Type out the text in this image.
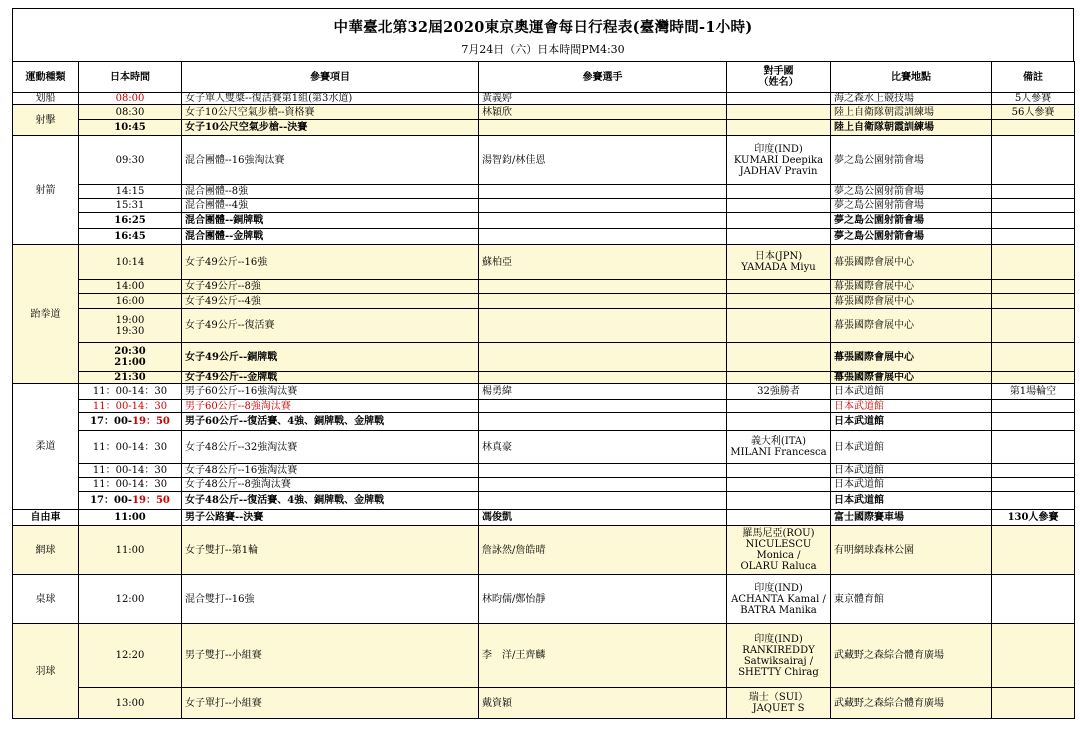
中華臺北第32屆2020東京奧運會每日行程表(臺灣時間-1小時)
7月24日（六）日本時間PM4:30
運動種類	日本時間	參賽項目	參賽選手	對手國
（姓名）	比賽地點	備註
划船	08:00	女子單人雙槳--復活賽第1組(第3水道)	黃義婷		海之森水上競技場	5人參賽
射擊	08:30	女子10公尺空氣步槍--資格賽	林穎欣		陸上自衛隊朝霞訓練場	56人參賽
	10:45	女子10公尺空氣步槍--決賽			陸上自衛隊朝霞訓練場	
射箭	09:30	混合團體--16強淘汰賽	湯智鈞/林佳恩	印度(IND)
KUMARI Deepika
JADHAV Pravin	夢之島公園射箭會場	
	14:15	混合團體--8強			夢之島公園射箭會場	
	15:31	混合團體--4強			夢之島公園射箭會場	
	16:25	混合團體--銅牌戰			夢之島公園射箭會場	
	16:45	混合團體--金牌戰			夢之島公園射箭會場	
跆拳道	10:14	女子49公斤--16強	蘇柏亞	日本(JPN)
YAMADA Miyu	幕張國際會展中心	
	14:00	女子49公斤--8強			幕張國際會展中心	
	16:00	女子49公斤--4強			幕張國際會展中心	
	19:00
19:30	女子49公斤--復活賽			幕張國際會展中心	
	20:30
21:00	女子49公斤--銅牌戰			幕張國際會展中心	
	21:30	女子49公斤--金牌戰			幕張國際會展中心	
柔道	11：00-14：30	男子60公斤--16強淘汰賽	楊勇緯	32強勝者	日本武道館	第1場輪空
	11：00-14：30	男子60公斤--8強淘汰賽			日本武道館	
	17：00-19：50	男子60公斤--復活賽、4強、銅牌戰、金牌戰			日本武道館	
	11：00-14：30	女子48公斤--32強淘汰賽	林真豪	義大利(ITA)
MILANI Francesca	日本武道館	
	11：00-14：30	女子48公斤--16強淘汰賽			日本武道館	
	11：00-14：30	女子48公斤--8強淘汰賽			日本武道館	
	17：00-19：50	女子48公斤--復活賽、4強、銅牌戰、金牌戰			日本武道館	
自由車	11:00	男子公路賽--決賽	馮俊凱		富士國際賽車場	130人參賽
網球	11:00	女子雙打--第1輪	詹詠然/詹皓晴	羅馬尼亞(ROU)
NICULESCU Monica /
OLARU Raluca	有明網球森林公園	
桌球	12:00	混合雙打--16強	林昀儒/鄭怡靜	印度(IND)
ACHANTA Kamal /
BATRA Manika	東京體育館	
羽球	12:20	男子雙打--小組賽	李　洋/王齊麟	印度(IND)
RANKIREDDY
Satwiksairaj /
SHETTY Chirag	武藏野之森綜合體育廣場	
	13:00	女子單打--小組賽	戴資穎	瑞士（SUI）
JAQUET S	武藏野之森綜合體育廣場	
